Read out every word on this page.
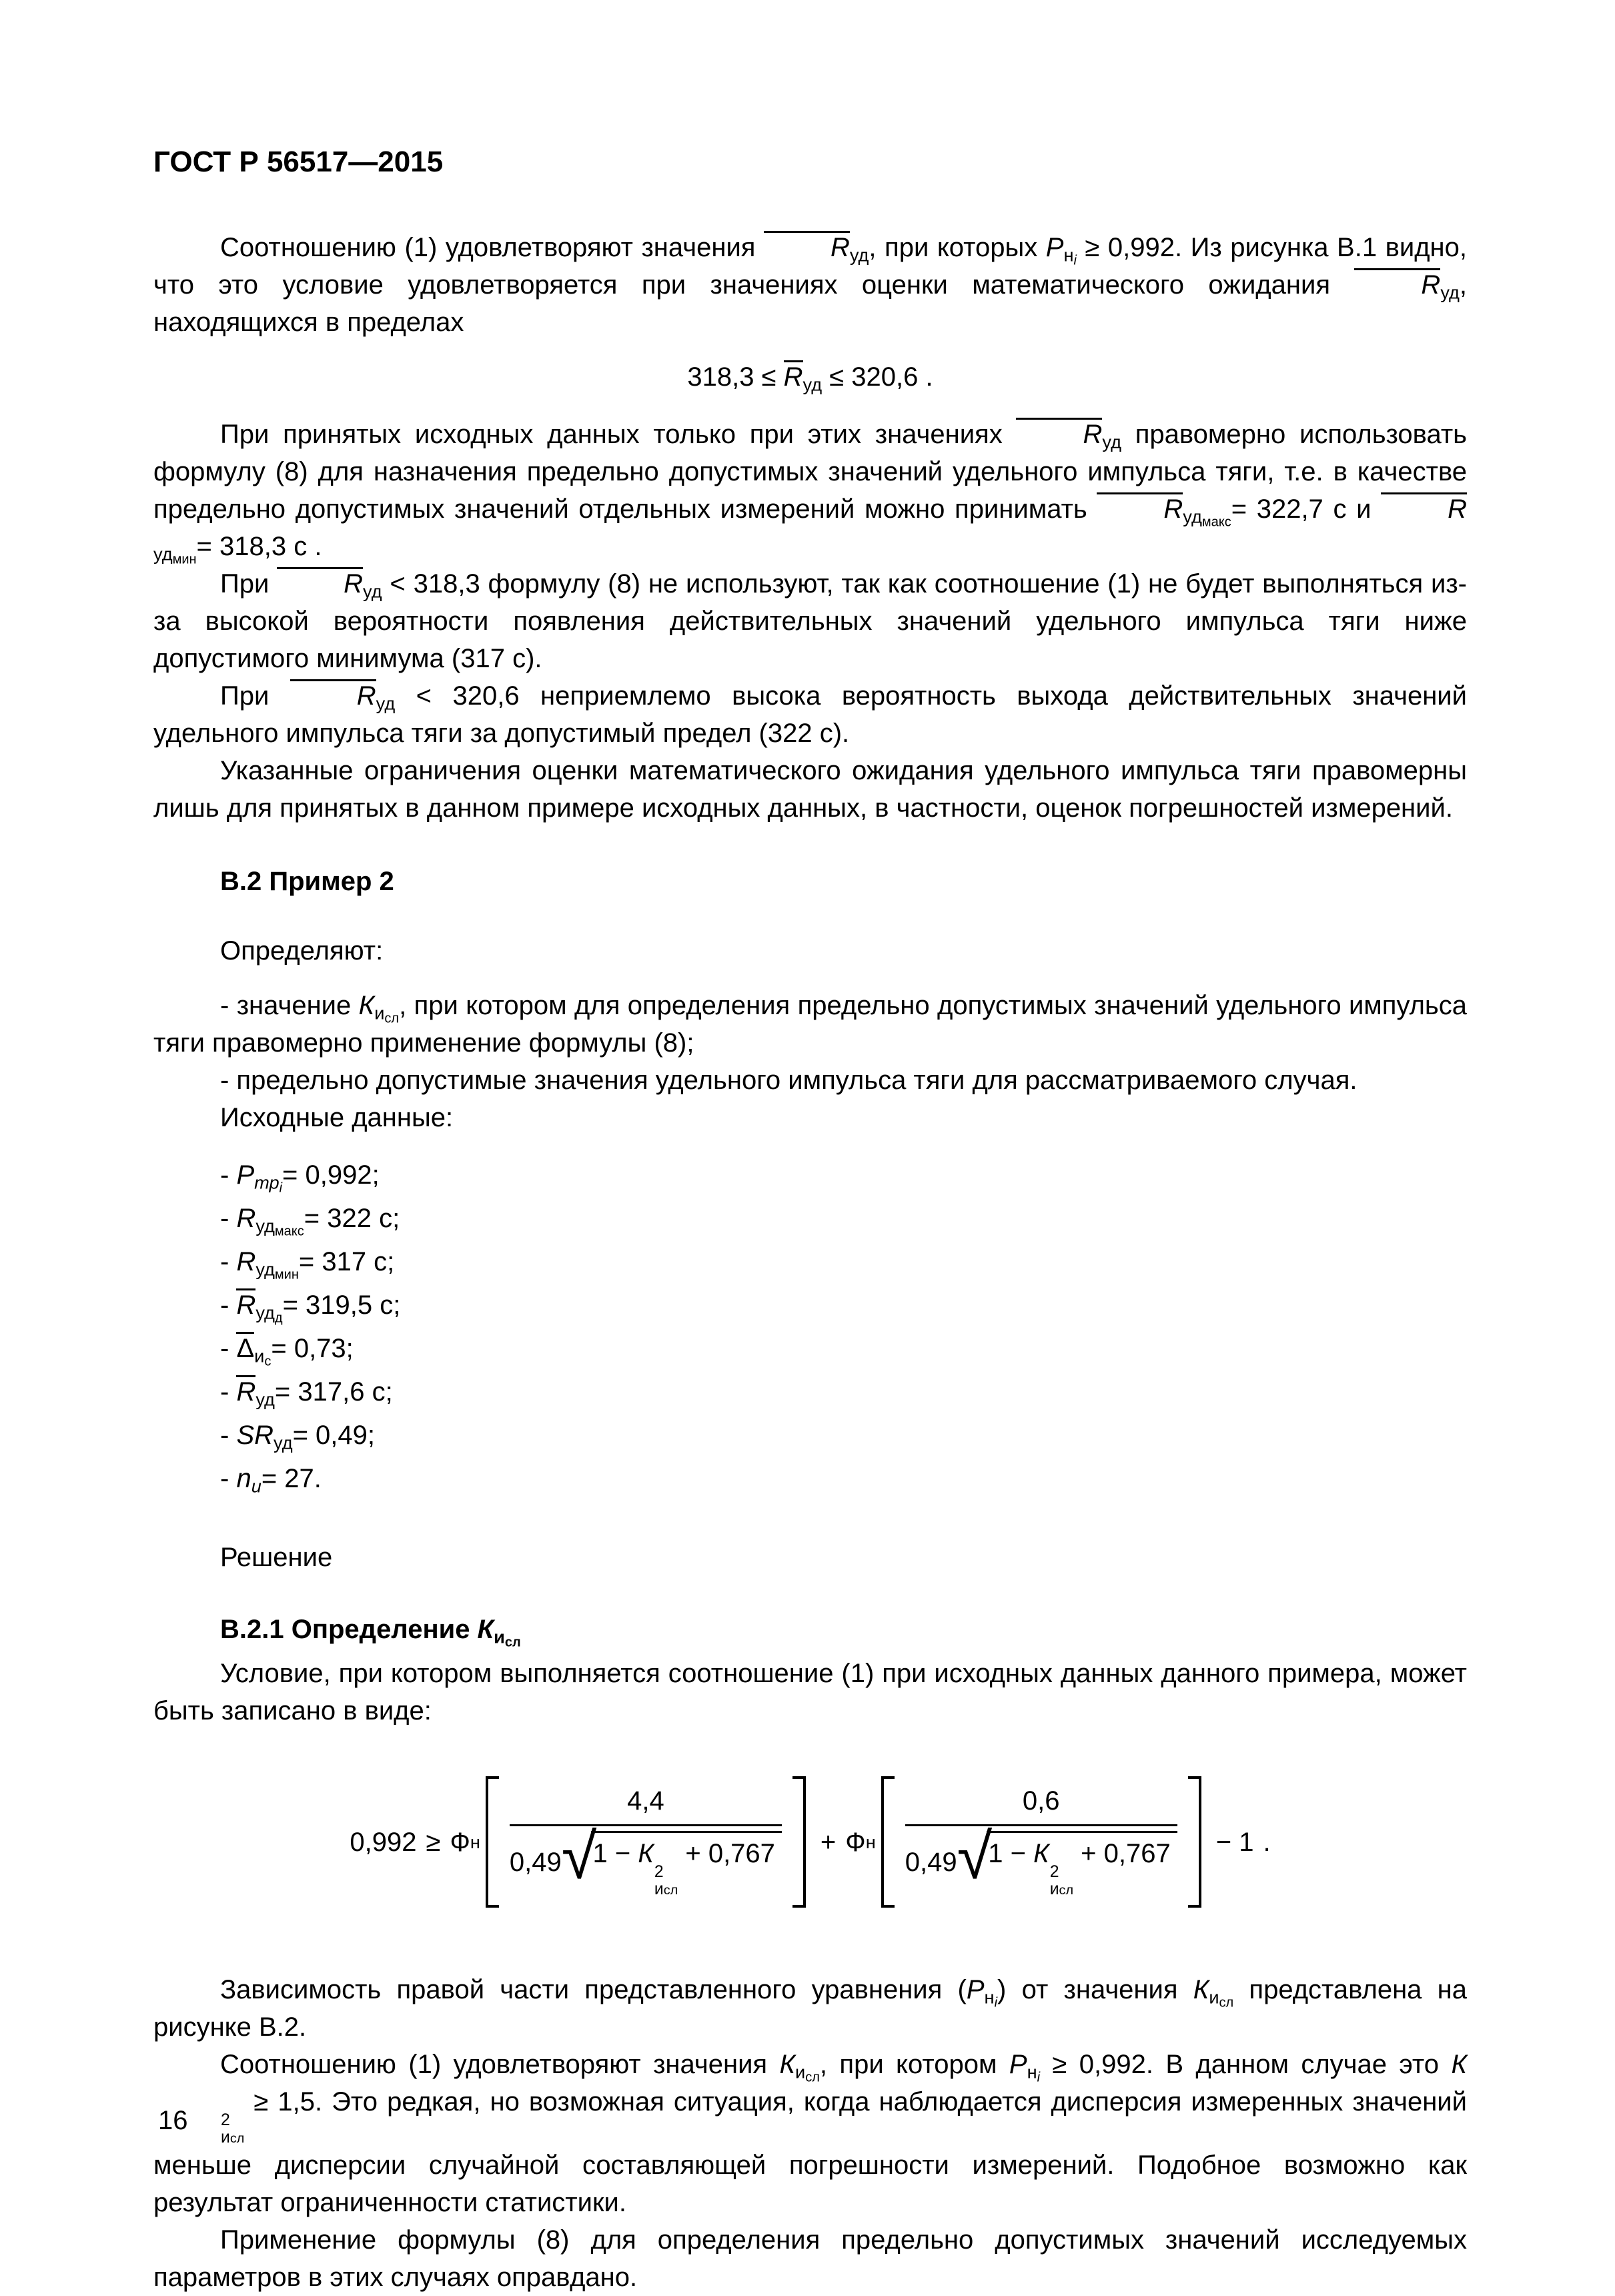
ГОСТ Р 56517—2015

Соотношению (1) удовлетворяют значения	Rуд, при которых $Pн_i \ge 0,992$. Из рисунка В.1 видно, что это условие удовлетворяется при значениях оценки математического ожидания	Rуд, находящихся в пределах

318,3 ≤ Rуд ≤ 320,6 .

При принятых исходных данных только при этих значениях	Rуд правомерно использовать формулу (8) для назначения предельно допустимых значений удельного импульса тяги, т.е. в качестве предельно допустимых значений отдельных измерений можно принимать	Rуд$_{макс}$= 322,7 с и	Rуд$_{мин}$= 318,3 с .

При	Rуд < 318,3 формулу (8) не используют, так как соотношение (1) не будет выполняться из-за высокой вероятности появления действительных значений удельного импульса тяги ниже допустимого минимума (317 с).

При	Rуд < 320,6 неприемлемо высока вероятность выхода действительных значений удельного импульса тяги за допустимый предел (322 с).

Указанные ограничения оценки математического ожидания удельного импульса тяги правомерны лишь для принятых в данном примере исходных данных, в частности, оценок погрешностей измерений.

В.2 Пример 2

Определяют:

- значение $Ки_{сл}$, при котором для определения предельно допустимых значений удельного импульса тяги правомерно применение формулы (8);

- предельно допустимые значения удельного импульса тяги для рассматриваемого случая.

Исходные данные:

- Pтр$_i$= 0,992;
- Rуд$_{макс}$= 322 с;
- Rуд$_{мин}$= 317 с;
- Rуд$_д$= 319,5 с;
- $\Delta и_с= 0,73$;
- Rуд= 317,6 с;
- SRуд= 0,49;
- nи= 27.

Решение

В.2.1 Определение $Ки_{сл}$

Условие, при котором выполняется соотношение (1) при исходных данных данного примера, может быть записано в виде:

0,992 ≥ Ф н
4,4
0,49 √
1 − К
2
исл
+ 0,767 + Ф н
0,6
0,49 √
1 − К
2
исл
+ 0,767 − 1 .

Зависимость правой части представленного уравнения $(Pн_i)$ от значения $Ки_{сл}$ представлена на рисунке В.2.

Соотношению (1) удовлетворяют значения $Ки_{сл}$, при котором $Pн_i \ge 0,992$. В данном случае это К
2
исл
≥ 1,5. Это редкая, но возможная ситуация, когда наблюдается дисперсия измеренных значений меньше дисперсии случайной составляющей погрешности измерений. Подобное возможно как результат ограниченности статистики.

Применение формулы (8) для определения предельно допустимых значений исследуемых параметров в этих случаях оправдано.

16
